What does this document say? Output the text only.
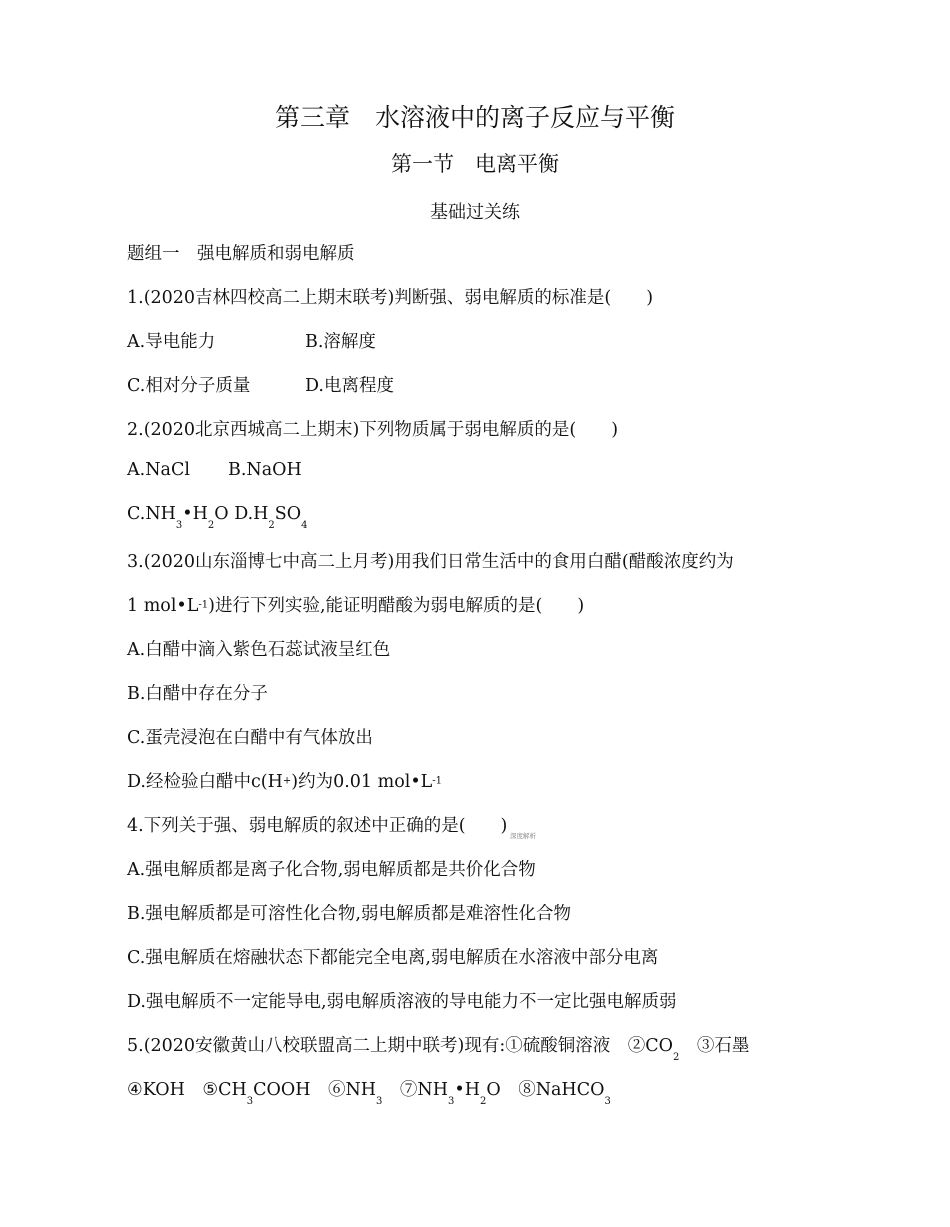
第三章　水溶液中的离子反应与平衡
第一节　电离平衡
基础过关练
题组一　强电解质和弱电解质
1.(2020吉林四校高二上期末联考)判断强、弱电解质的标准是(　　)
A.导电能力	B.溶解度
C.相对分子质量	D.电离程度
2.(2020北京西城高二上期末)下列物质属于弱电解质的是(　　)
A.NaCl B.NaOH
$C.NH_3•H_2O$ $D.H_2SO_4$
3.(2020山东淄博七中高二上月考)用我们日常生活中的食用白醋(醋酸浓度约为
1 $mol•L^{-1}$)进行下列实验,能证明醋酸为弱电解质的是(　　)
A.白醋中滴入紫色石蕊试液呈红色
B.白醋中存在分子
C.蛋壳浸泡在白醋中有气体放出
D.经检验白醋中c(H+)约为0.01 $mol•L^{-1}$
4.下列关于强、弱电解质的叙述中正确的是(　　) 深度解析
A.强电解质都是离子化合物,弱电解质都是共价化合物
B.强电解质都是可溶性化合物,弱电解质都是难溶性化合物
C.强电解质在熔融状态下都能完全电离,弱电解质在水溶液中部分电离
D.强电解质不一定能导电,弱电解质溶液的导电能力不一定比强电解质弱
5.(2020安徽黄山八校联盟高二上期中联考)现有:①硫酸铜溶液　$②CO_2$　③石墨
④KOH　$⑤CH_3COOH$　$⑥NH_3$　$⑦NH_3•H_2O$　⑧NaHCO$_3$
